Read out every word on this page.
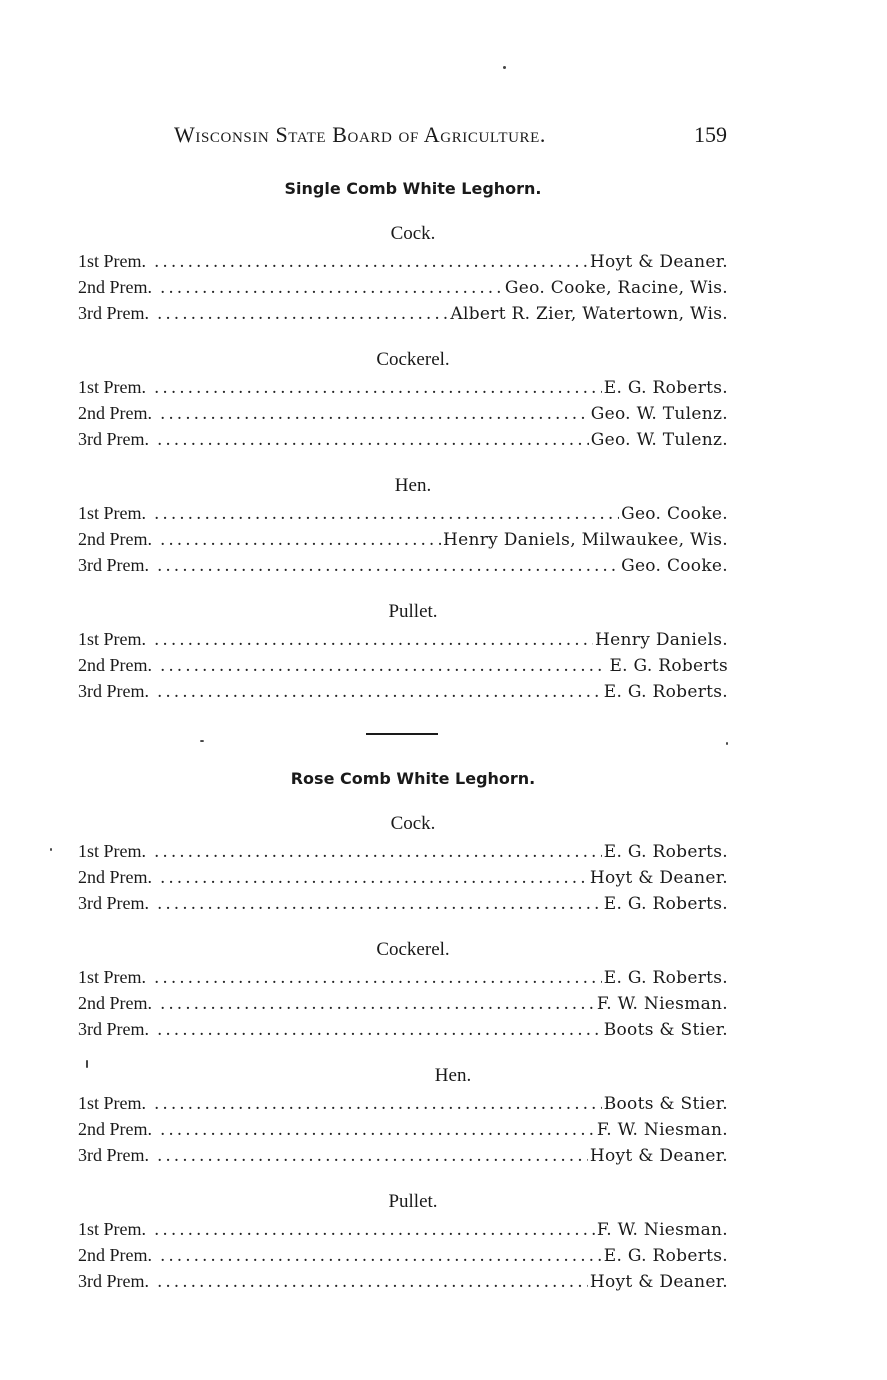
Wisconsin State Board of Agriculture.	159
Single Comb White Leghorn.
Cock.
1st Prem. .....	Hoyt & Deaner.
2nd Prem. .....	Geo. Cooke, Racine, Wis.
3rd Prem. .....	Albert R. Zier, Watertown, Wis.
Cockerel.
1st Prem. .....	E. G. Roberts.
2nd Prem. .....	Geo. W. Tulenz.
3rd Prem. .....	Geo. W. Tulenz.
Hen.
1st Prem. .....	Geo. Cooke.
2nd Prem. .....	Henry Daniels, Milwaukee, Wis.
3rd Prem. .....	Geo. Cooke.
Pullet.
1st Prem. .....	Henry Daniels.
2nd Prem. .....	E. G. Roberts
3rd Prem. .....	E. G. Roberts.
Rose Comb White Leghorn.
Cock.
1st Prem. .....	E. G. Roberts.
2nd Prem. .....	Hoyt & Deaner.
3rd Prem. .....	E. G. Roberts.
Cockerel.
1st Prem. .....	E. G. Roberts.
2nd Prem. .....	F. W. Niesman.
3rd Prem. .....	Boots & Stier.
Hen.
1st Prem. .....	Boots & Stier.
2nd Prem. .....	F. W. Niesman.
3rd Prem. .....	Hoyt & Deaner.
Pullet.
1st Prem. .....	F. W. Niesman.
2nd Prem. .....	E. G. Roberts.
3rd Prem. .....	Hoyt & Deaner.
